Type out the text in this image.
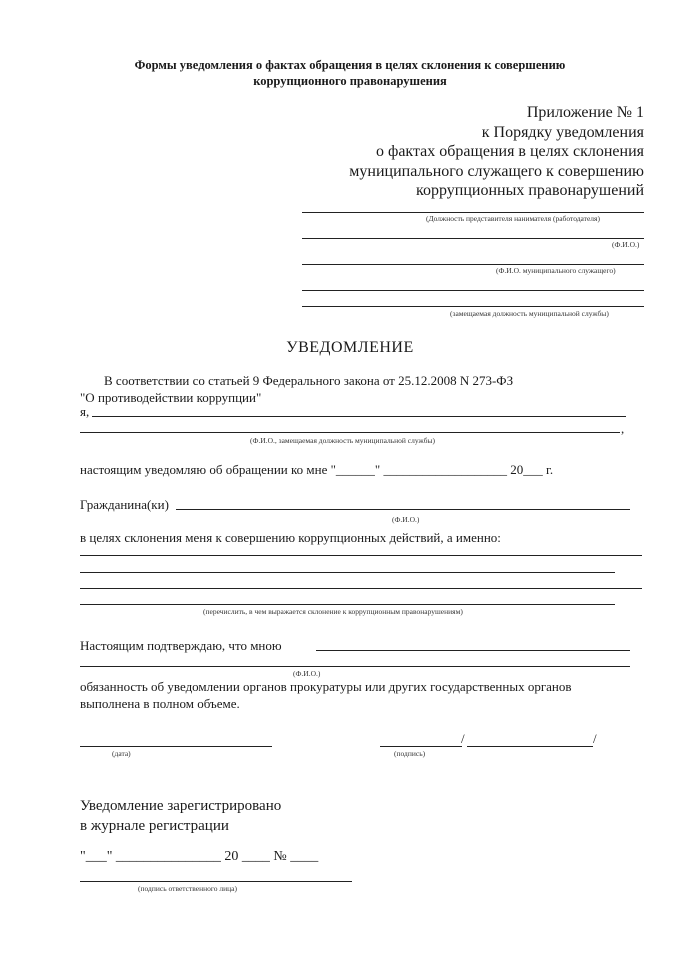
Формы уведомления о фактах обращения в целях склонения к совершению
коррупционного правонарушения
Приложение № 1
к Порядку уведомления
о фактах обращения в целях склонения
муниципального служащего к совершению
коррупционных правонарушений
(Должность представителя нанимателя (работодателя)
(Ф.И.О.)
(Ф.И.О. муниципального служащего)
(замещаемая должность муниципальной службы)
УВЕДОМЛЕНИЕ
В соответствии со статьей 9 Федерального закона от 25.12.2008 N 273-ФЗ
"О противодействии коррупции"
я,
,
(Ф.И.О., замещаемая должность муниципальной службы)
настоящим уведомляю об обращении ко мне "______" ___________________ 20___ г.
Гражданина(ки)
(Ф.И.О.)
в целях склонения меня к совершению коррупционных действий, а именно:
(перечислить, в чем выражается склонение к коррупционным правонарушениям)
Настоящим подтверждаю, что мною
(Ф.И.О.)
обязанность об уведомлении органов прокуратуры или других государственных органов
выполнена в полном объеме.
(дата)
/	/
(подпись)
Уведомление зарегистрировано
в журнале регистрации
"___" _______________ 20 ____ № ____
(подпись ответственного лица)
